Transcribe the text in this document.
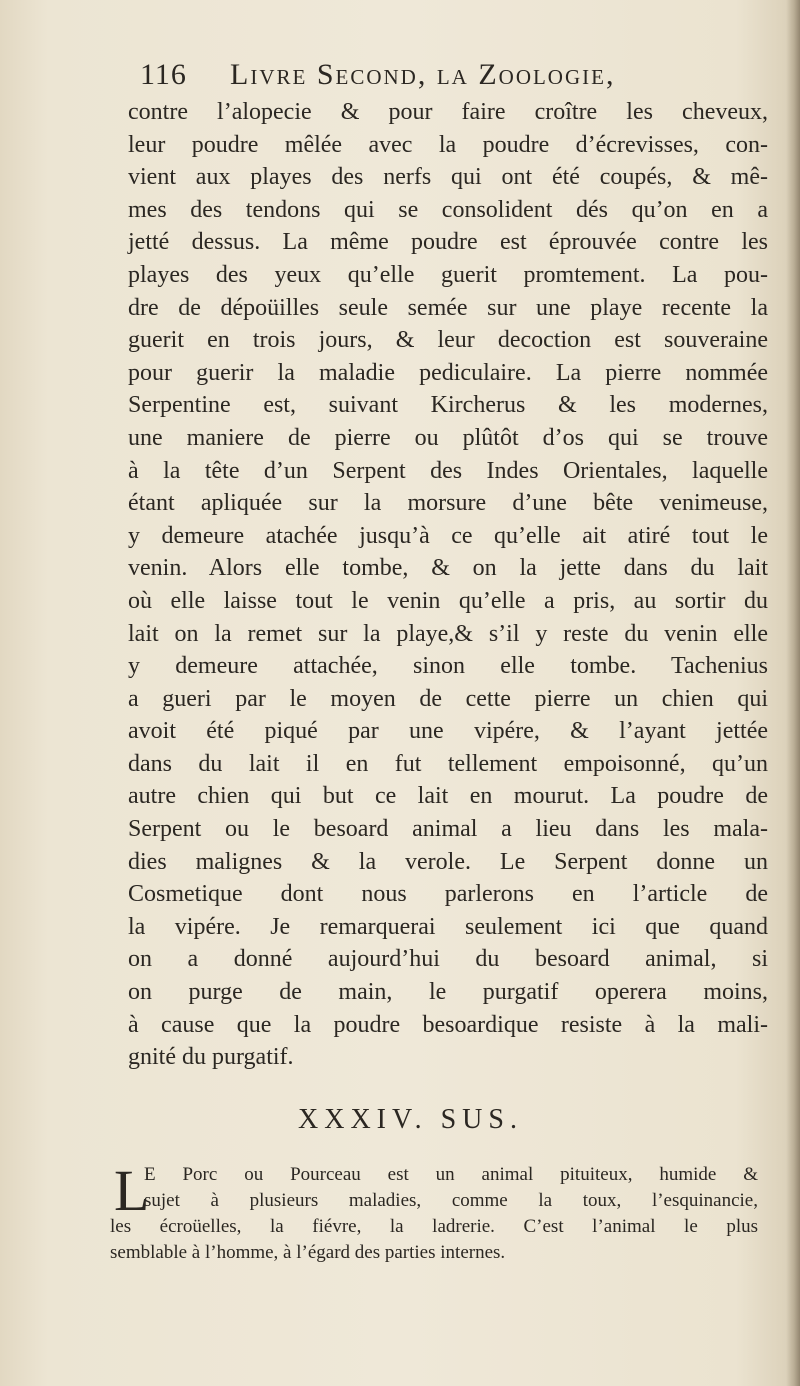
116 Livre Second, la Zoologie,
contre l’alopecie & pour faire croître les cheveux,
leur poudre mêlée avec la poudre d’écrevisses, con-
vient aux playes des nerfs qui ont été coupés, & mê-
mes des tendons qui se consolident dés qu’on en a
jetté dessus. La même poudre est éprouvée contre les
playes des yeux qu’elle guerit promtement. La pou-
dre de dépoüilles seule semée sur une playe recente la
guerit en trois jours, & leur decoction est souveraine
pour guerir la maladie pediculaire. La pierre nommée
Serpentine est, suivant Kircherus & les modernes,
une maniere de pierre ou plûtôt d’os qui se trouve
à la tête d’un Serpent des Indes Orientales, laquelle
étant apliquée sur la morsure d’une bête venimeuse,
y demeure atachée jusqu’à ce qu’elle ait atiré tout le
venin. Alors elle tombe, & on la jette dans du lait
où elle laisse tout le venin qu’elle a pris, au sortir du
lait on la remet sur la playe,& s’il y reste du venin elle
y demeure attachée, sinon elle tombe. Tachenius
a gueri par le moyen de cette pierre un chien qui
avoit été piqué par une vipére, & l’ayant jettée
dans du lait il en fut tellement empoisonné, qu’un
autre chien qui but ce lait en mourut. La poudre de
Serpent ou le besoard animal a lieu dans les mala-
dies malignes & la verole. Le Serpent donne un
Cosmetique dont nous parlerons en l’article de
la vipére. Je remarquerai seulement ici que quand
on a donné aujourd’hui du besoard animal, si
on purge de main, le purgatif operera moins,
à cause que la poudre besoardique resiste à la mali-
gnité du purgatif.
XXXIV. SUS.
L
E Porc ou Pourceau est un animal pituiteux, humide &
sujet à plusieurs maladies, comme la toux, l’esquinancie,
les écroüelles, la fiévre, la ladrerie. C’est l’animal le plus
semblable à l’homme, à l’égard des parties internes.
